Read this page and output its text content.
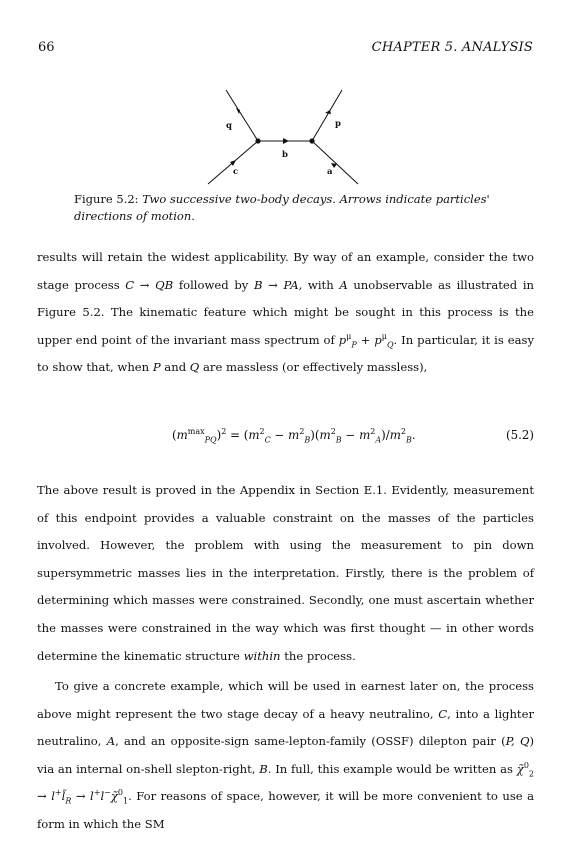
66	CHAPTER 5. ANALYSIS
q	p
b
c	a
Figure 5.2: Two successive two-body decays. Arrows indicate particles' directions of motion.
results will retain the widest applicability. By way of an example, consider the two stage process C → QB followed by B → PA, with A unobservable as illustrated in Figure 5.2. The kinematic feature which might be sought in this process is the upper end point of the invariant mass spectrum of $p^\mu_P + p^\mu_Q$. In particular, it is easy to show that, when P and Q are massless (or effectively massless),
$(m^{max}_{PQ})^2 = (m^2_C - m^2_B)(m^2_B - m^2_A)/m^2_B$.	(5.2)
The above result is proved in the Appendix in Section E.1. Evidently, measurement of this endpoint provides a valuable constraint on the masses of the particles involved. However, the problem with using the measurement to pin down supersymmetric masses lies in the interpretation. Firstly, there is the problem of determining which masses were constrained. Secondly, one must ascertain whether the masses were constrained in the way which was first thought — in other words determine the kinematic structure within the process.
To give a concrete example, which will be used in earnest later on, the process above might represent the two stage decay of a heavy neutralino, C, into a lighter neutralino, A, and an opposite-sign same-lepton-family (OSSF) dilepton pair (P, Q) via an internal on-shell slepton-right, B. In full, this example would be written as χ̃$^0_2$ → $l^+l̃_R$ → l+l−χ̃$^0_1$. For reasons of space, however, it will be more convenient to use a form in which the SM
